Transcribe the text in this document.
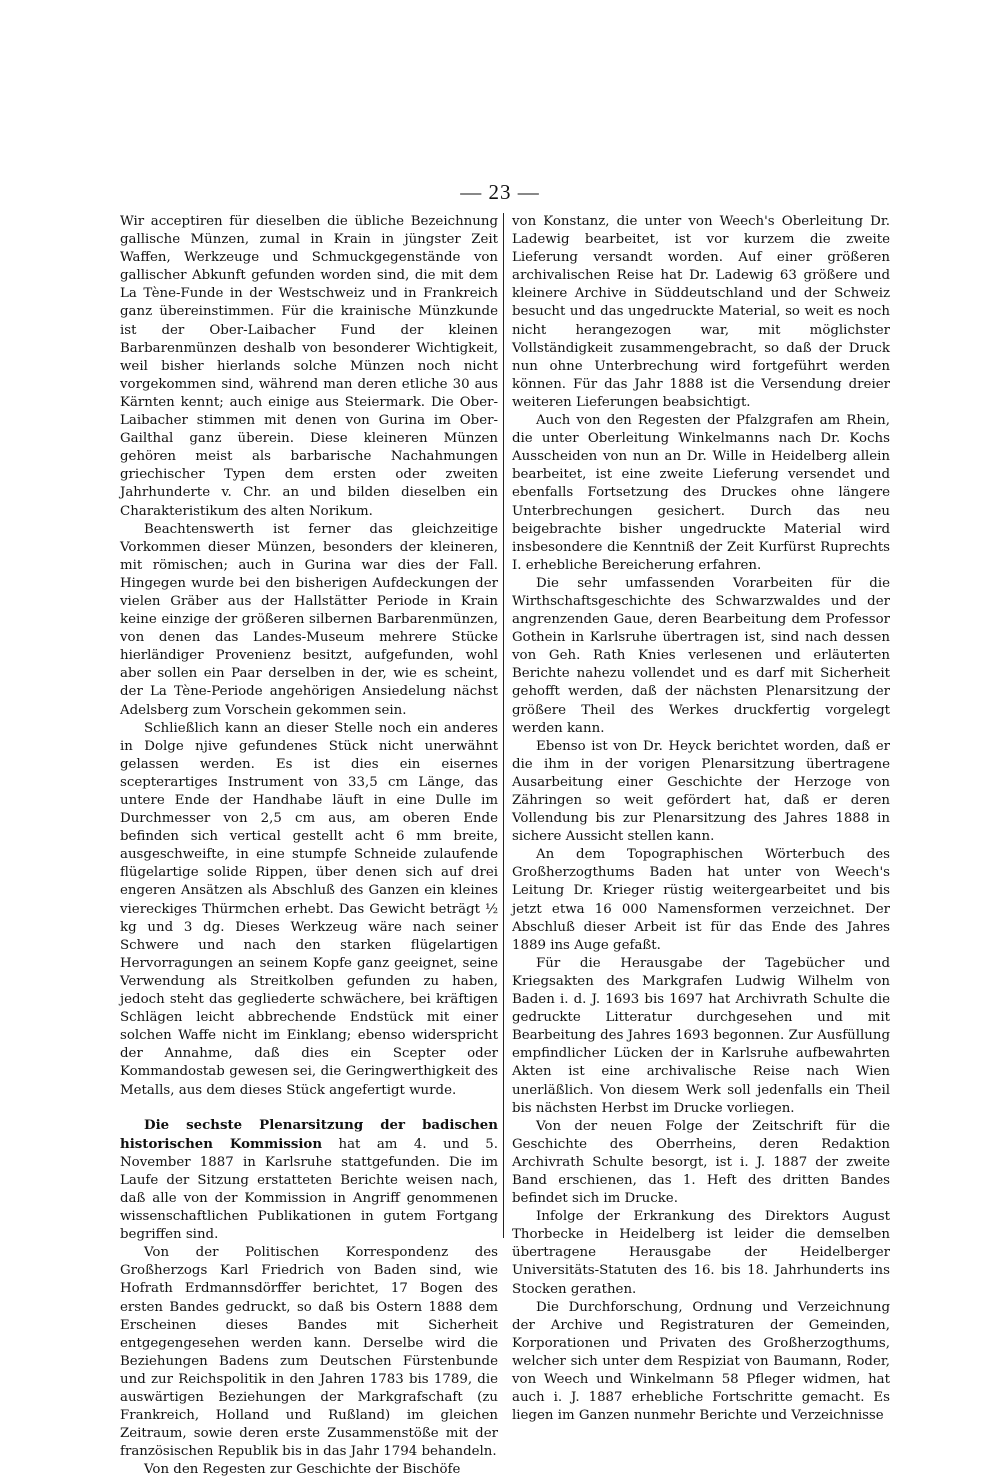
— 23 —

Wir acceptiren für dieselben die übliche Bezeichnung gallische Münzen, zumal in Krain in jüngster Zeit Waffen, Werkzeuge und Schmuckgegenstände von gallischer Abkunft gefunden worden sind, die mit dem La Tène-Funde in der Westschweiz und in Frankreich ganz übereinstimmen. Für die krainische Münzkunde ist der Ober-Laibacher Fund der kleinen Barbarenmünzen deshalb von besonderer Wichtigkeit, weil bisher hierlands solche Münzen noch nicht vorgekommen sind, während man deren etliche 30 aus Kärnten kennt; auch einige aus Steiermark. Die Ober-Laibacher stimmen mit denen von Gurina im Ober-Gailthal ganz überein. Diese kleineren Münzen gehören meist als barbarische Nachahmungen griechischer Typen dem ersten oder zweiten Jahrhunderte v. Chr. an und bilden dieselben ein Charakteristikum des alten Norikum.

Beachtenswerth ist ferner das gleichzeitige Vorkommen dieser Münzen, besonders der kleineren, mit römischen; auch in Gurina war dies der Fall. Hingegen wurde bei den bisherigen Aufdeckungen der vielen Gräber aus der Hallstätter Periode in Krain keine einzige der größeren silbernen Barbarenmünzen, von denen das Landes-Museum mehrere Stücke hierländiger Provenienz besitzt, aufgefunden, wohl aber sollen ein Paar derselben in der, wie es scheint, der La Tène-Periode angehörigen Ansiedelung nächst Adelsberg zum Vorschein gekommen sein.

Schließlich kann an dieser Stelle noch ein anderes in Dolge njive gefundenes Stück nicht unerwähnt gelassen werden. Es ist dies ein eisernes scepterartiges Instrument von 33,5 cm Länge, das untere Ende der Handhabe läuft in eine Dulle im Durchmesser von 2,5 cm aus, am oberen Ende befinden sich vertical gestellt acht 6 mm breite, ausgeschweifte, in eine stumpfe Schneide zulaufende flügelartige solide Rippen, über denen sich auf drei engeren Ansätzen als Abschluß des Ganzen ein kleines viereckiges Thürmchen erhebt. Das Gewicht beträgt ½ kg und 3 dg. Dieses Werkzeug wäre nach seiner Schwere und nach den starken flügelartigen Hervorragungen an seinem Kopfe ganz geeignet, seine Verwendung als Streitkolben gefunden zu haben, jedoch steht das gegliederte schwächere, bei kräftigen Schlägen leicht abbrechende Endstück mit einer solchen Waffe nicht im Einklang; ebenso widerspricht der Annahme, daß dies ein Scepter oder Kommandostab gewesen sei, die Geringwerthigkeit des Metalls, aus dem dieses Stück angefertigt wurde.

Die sechste Plenarsitzung der badischen historischen Kommission hat am 4. und 5. November 1887 in Karlsruhe stattgefunden. Die im Laufe der Sitzung erstatteten Berichte weisen nach, daß alle von der Kommission in Angriff genommenen wissenschaftlichen Publikationen in gutem Fortgang begriffen sind.

Von der Politischen Korrespondenz des Großherzogs Karl Friedrich von Baden sind, wie Hofrath Erdmannsdörffer berichtet, 17 Bogen des ersten Bandes gedruckt, so daß bis Ostern 1888 dem Erscheinen dieses Bandes mit Sicherheit entgegengesehen werden kann. Derselbe wird die Beziehungen Badens zum Deutschen Fürstenbunde und zur Reichspolitik in den Jahren 1783 bis 1789, die auswärtigen Beziehungen der Markgrafschaft (zu Frankreich, Holland und Rußland) im gleichen Zeitraum, sowie deren erste Zusammenstöße mit der französischen Republik bis in das Jahr 1794 behandeln.

Von den Regesten zur Geschichte der Bischöfe

von Konstanz, die unter von Weech's Oberleitung Dr. Ladewig bearbeitet, ist vor kurzem die zweite Lieferung versandt worden. Auf einer größeren archivalischen Reise hat Dr. Ladewig 63 größere und kleinere Archive in Süddeutschland und der Schweiz besucht und das ungedruckte Material, so weit es noch nicht herangezogen war, mit möglichster Vollständigkeit zusammengebracht, so daß der Druck nun ohne Unterbrechung wird fortgeführt werden können. Für das Jahr 1888 ist die Versendung dreier weiteren Lieferungen beabsichtigt.

Auch von den Regesten der Pfalzgrafen am Rhein, die unter Oberleitung Winkelmanns nach Dr. Kochs Ausscheiden von nun an Dr. Wille in Heidelberg allein bearbeitet, ist eine zweite Lieferung versendet und ebenfalls Fortsetzung des Druckes ohne längere Unterbrechungen gesichert. Durch das neu beigebrachte bisher ungedruckte Material wird insbesondere die Kenntniß der Zeit Kurfürst Ruprechts I. erhebliche Bereicherung erfahren.

Die sehr umfassenden Vorarbeiten für die Wirthschaftsgeschichte des Schwarzwaldes und der angrenzenden Gaue, deren Bearbeitung dem Professor Gothein in Karlsruhe übertragen ist, sind nach dessen von Geh. Rath Knies verlesenen und erläuterten Berichte nahezu vollendet und es darf mit Sicherheit gehofft werden, daß der nächsten Plenarsitzung der größere Theil des Werkes druckfertig vorgelegt werden kann.

Ebenso ist von Dr. Heyck berichtet worden, daß er die ihm in der vorigen Plenarsitzung übertragene Ausarbeitung einer Geschichte der Herzoge von Zähringen so weit gefördert hat, daß er deren Vollendung bis zur Plenarsitzung des Jahres 1888 in sichere Aussicht stellen kann.

An dem Topographischen Wörterbuch des Großherzogthums Baden hat unter von Weech's Leitung Dr. Krieger rüstig weitergearbeitet und bis jetzt etwa 16 000 Namensformen verzeichnet. Der Abschluß dieser Arbeit ist für das Ende des Jahres 1889 ins Auge gefaßt.

Für die Herausgabe der Tagebücher und Kriegsakten des Markgrafen Ludwig Wilhelm von Baden i. d. J. 1693 bis 1697 hat Archivrath Schulte die gedruckte Litteratur durchgesehen und mit Bearbeitung des Jahres 1693 begonnen. Zur Ausfüllung empfindlicher Lücken der in Karlsruhe aufbewahrten Akten ist eine archivalische Reise nach Wien unerläßlich. Von diesem Werk soll jedenfalls ein Theil bis nächsten Herbst im Drucke vorliegen.

Von der neuen Folge der Zeitschrift für die Geschichte des Oberrheins, deren Redaktion Archivrath Schulte besorgt, ist i. J. 1887 der zweite Band erschienen, das 1. Heft des dritten Bandes befindet sich im Drucke.

Infolge der Erkrankung des Direktors August Thorbecke in Heidelberg ist leider die demselben übertragene Herausgabe der Heidelberger Universitäts-Statuten des 16. bis 18. Jahrhunderts ins Stocken gerathen.

Die Durchforschung, Ordnung und Verzeichnung der Archive und Registraturen der Gemeinden, Korporationen und Privaten des Großherzogthums, welcher sich unter dem Respiziat von Baumann, Roder, von Weech und Winkelmann 58 Pfleger widmen, hat auch i. J. 1887 erhebliche Fortschritte gemacht. Es liegen im Ganzen nunmehr Berichte und Verzeichnisse
